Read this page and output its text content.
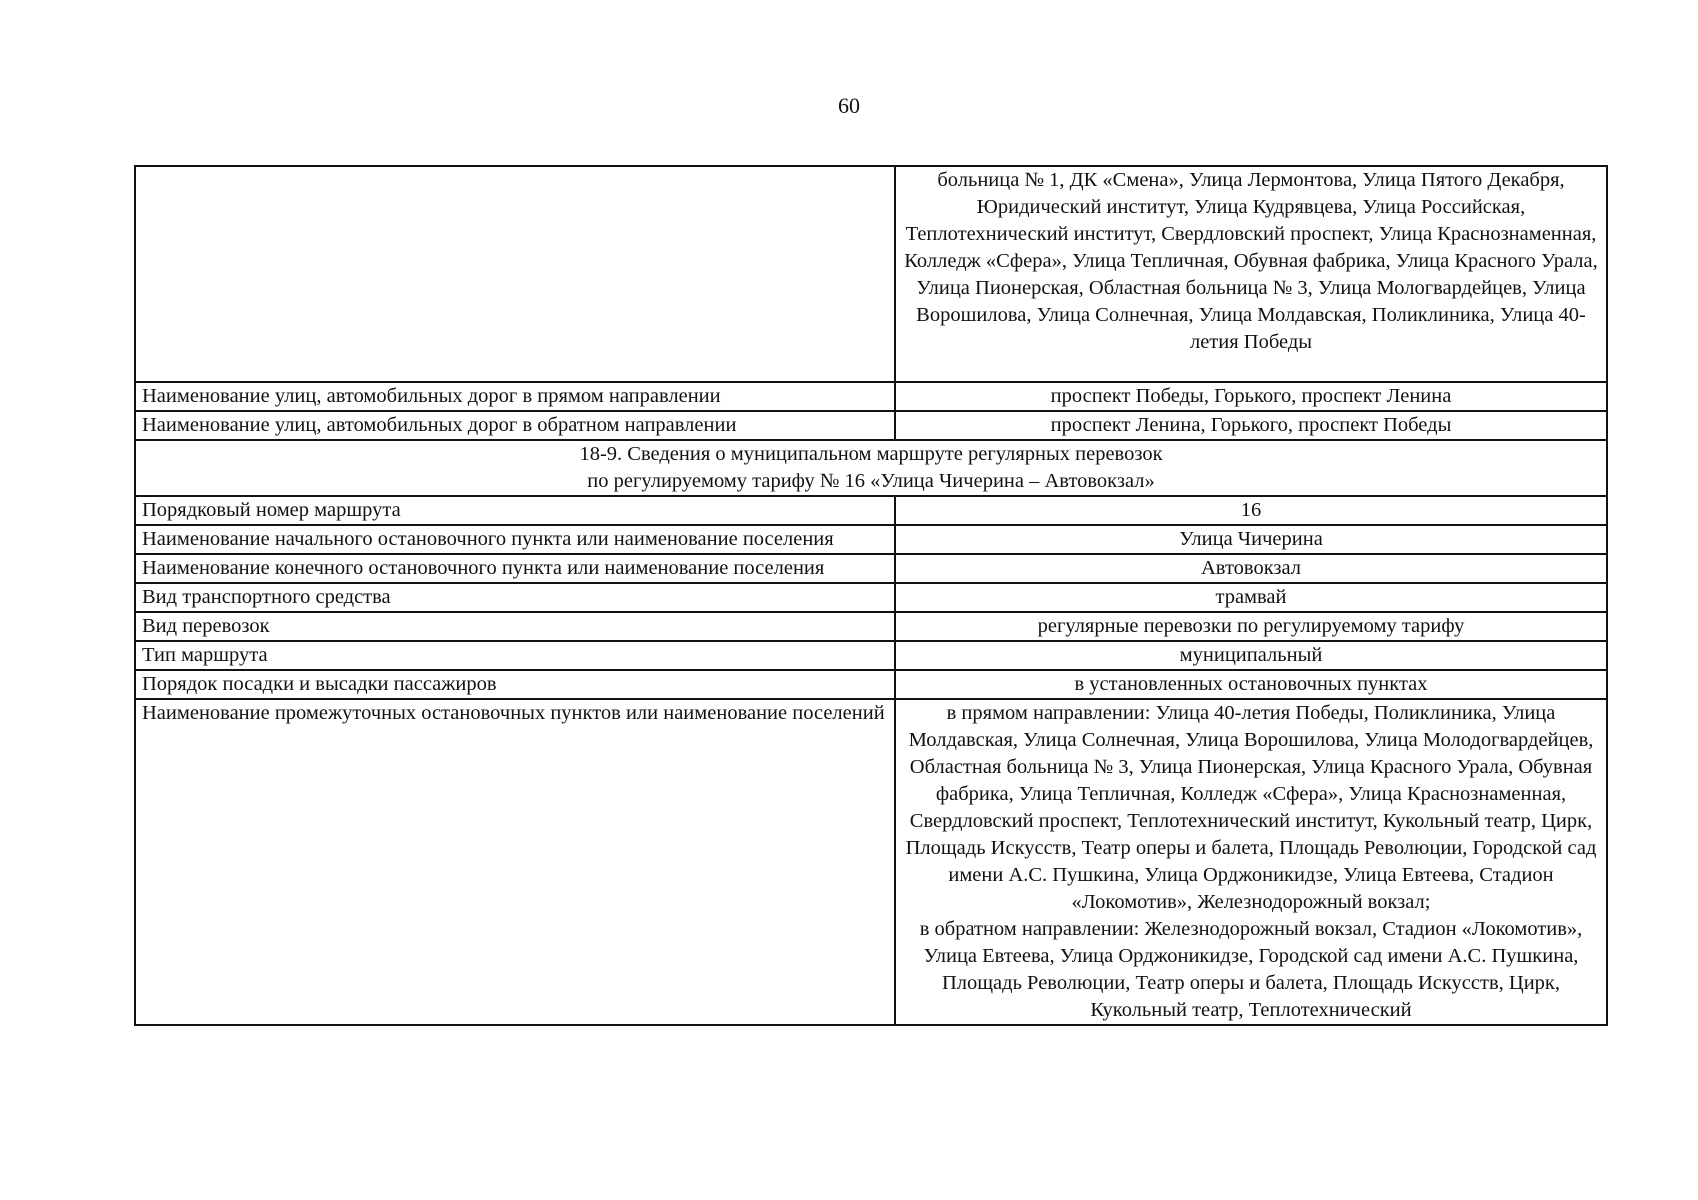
60
	больница № 1, ДК «Смена», Улица Лермонтова, Улица Пятого Декабря, Юридический институт, Улица Кудрявцева, Улица Российская, Теплотехнический институт, Свердловский проспект, Улица Краснознаменная, Колледж «Сфера», Улица Тепличная, Обувная фабрика, Улица Красного Урала, Улица Пионерская, Областная больница № 3, Улица Мологвардейцев, Улица Ворошилова, Улица Солнечная, Улица Молдавская, Поликлиника, Улица 40-летия Победы
Наименование улиц, автомобильных дорог в прямом направлении	проспект Победы, Горького, проспект Ленина
Наименование улиц, автомобильных дорог в обратном направлении	проспект Ленина, Горького, проспект Победы

18-9. Сведения о муниципальном маршруте регулярных перевозок
по регулируемому тарифу № 16 «Улица Чичерина – Автовокзал»	

Порядковый номер маршрута	16
Наименование начального остановочного пункта или наименование поселения	Улица Чичерина
Наименование конечного остановочного пункта или наименование поселения	Автовокзал
Вид транспортного средства	трамвай
Вид перевозок	регулярные перевозки по регулируемому тарифу
Тип маршрута	муниципальный
Порядок посадки и высадки пассажиров	в установленных остановочных пунктах
Наименование промежуточных остановочных пунктов или наименование поселений	в прямом направлении: Улица 40-летия Победы, Поликлиника, Улица Молдавская, Улица Солнечная, Улица Ворошилова, Улица Молодогвардейцев, Областная больница № 3, Улица Пионерская, Улица Красного Урала, Обувная фабрика, Улица Тепличная, Колледж «Сфера», Улица Краснознаменная, Свердловский проспект, Теплотехнический институт, Кукольный театр, Цирк, Площадь Искусств, Театр оперы и балета, Площадь Революции, Городской сад имени А.С. Пушкина, Улица Орджоникидзе, Улица Евтеева, Стадион «Локомотив», Железнодорожный вокзал;
в обратном направлении: Железнодорожный вокзал, Стадион «Локомотив», Улица Евтеева, Улица Орджоникидзе, Городской сад имени А.С. Пушкина, Площадь Революции, Театр оперы и балета, Площадь Искусств, Цирк, Кукольный театр, Теплотехнический
